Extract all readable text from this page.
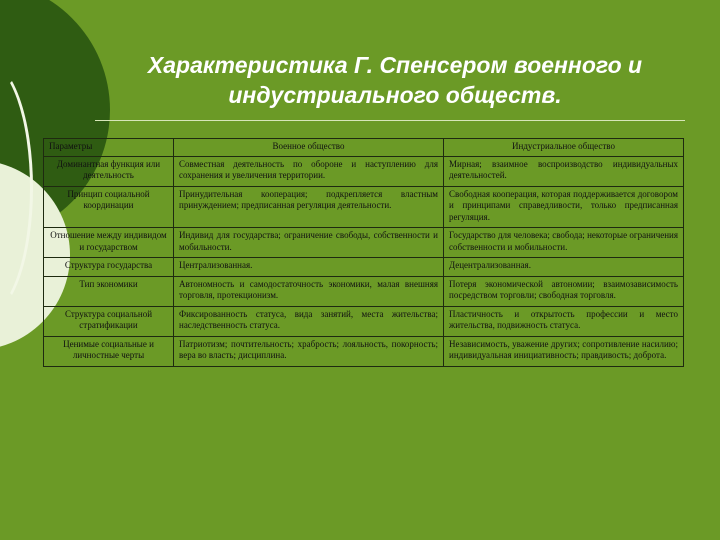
Характеристика Г. Спенсером военного и индустриального обществ.
Параметры	Военное общество	Индустриальное общество
Доминантная функция или деятельность	Совместная деятельность по обороне и наступлению для сохранения и увеличения территории.	Мирная; взаимное воспроизводство индивидуальных деятельностей.
Принцип социальной координации	Принудительная кооперация; подкрепляется властным принуждением; предписанная регуляция деятельности.	Свободная кооперация, которая поддерживается договором и принципами справедливости, только предписанная регуляция.
Отношение между индивидом и государством	Индивид для государства; ограничение свободы, собственности и мобильности.	Государство для человека; свобода; некоторые ограничения собственности и мобильности.
Структура государства	Централизованная.	Децентрализованная.
Тип экономики	Автономность и самодостаточность экономики, малая внешняя торговля, протекционизм.	Потеря экономической автономии; взаимозависимость посредством торговли; свободная торговля.
Структура социальной стратификации	Фиксированность статуса, вида занятий, места жительства; наследственность статуса.	Пластичность и открытость профессии и место жительства, подвижность статуса.
Ценимые социальные и личностные черты	Патриотизм; почтительность; храбрость; лояльность, покорность; вера во власть; дисциплина.	Независимость, уважение других; сопротивление насилию; индивидуальная инициативность; правдивость; доброта.
